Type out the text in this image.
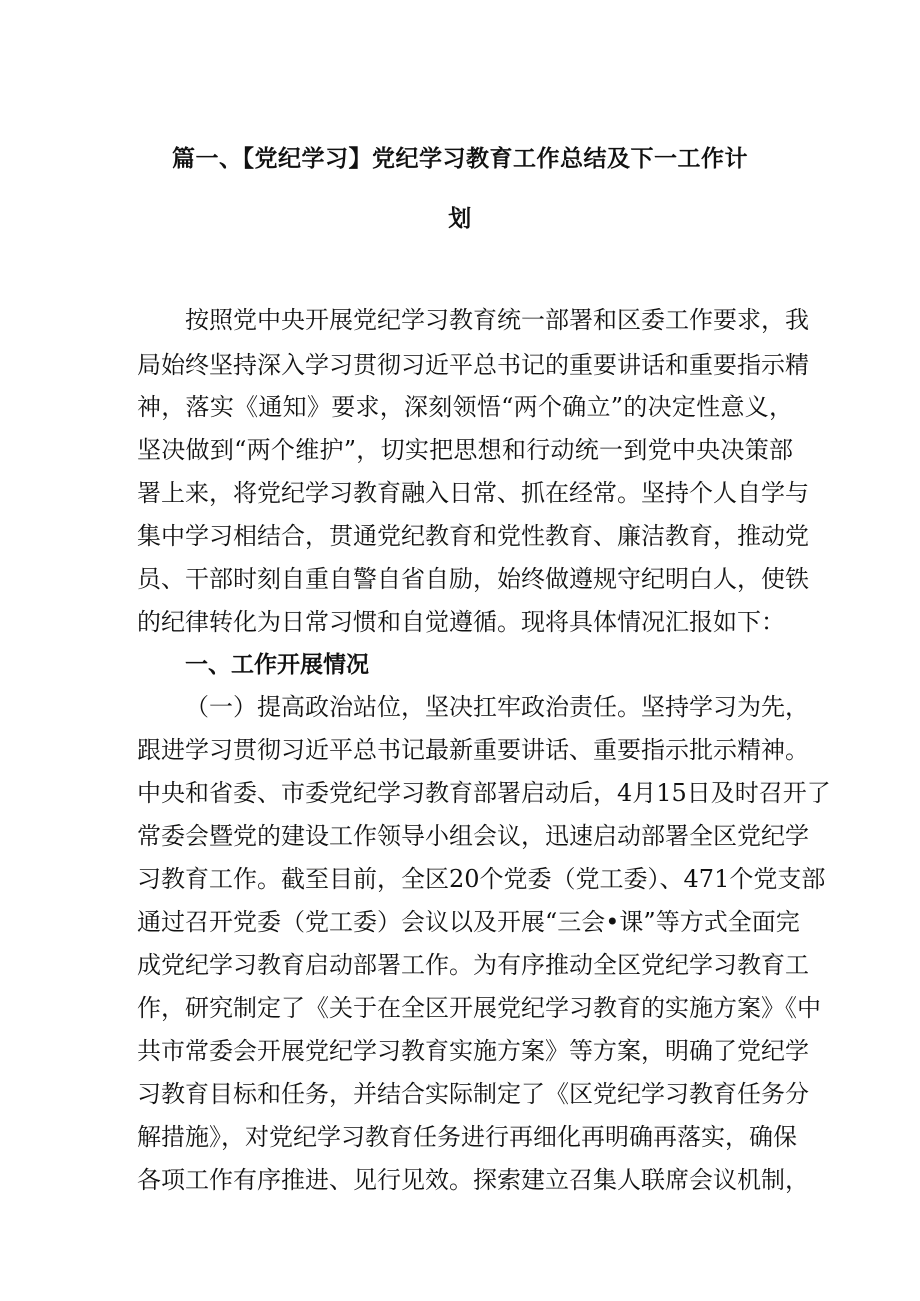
篇一、【党纪学习】党纪学习教育工作总结及下一工作计
划
按照党中央开展党纪学习教育统一部署和区委工作要求，我
局始终坚持深入学习贯彻习近平总书记的重要讲话和重要指示精
神，落实《通知》要求，深刻领悟“两个确立”的决定性意义，
坚决做到“两个维护”，切实把思想和行动统一到党中央决策部
署上来，将党纪学习教育融入日常、抓在经常。坚持个人自学与
集中学习相结合，贯通党纪教育和党性教育、廉洁教育，推动党
员、干部时刻自重自警自省自励，始终做遵规守纪明白人，使铁
的纪律转化为日常习惯和自觉遵循。现将具体情况汇报如下：
一、工作开展情况
（一）提高政治站位，坚决扛牢政治责任。坚持学习为先，
跟进学习贯彻习近平总书记最新重要讲话、重要指示批示精神。
中央和省委、市委党纪学习教育部署启动后，4月15日及时召开了
常委会暨党的建设工作领导小组会议，迅速启动部署全区党纪学
习教育工作。截至目前，全区20个党委（党工委）、471个党支部
通过召开党委（党工委）会议以及开展“三会•课”等方式全面完
成党纪学习教育启动部署工作。为有序推动全区党纪学习教育工
作，研究制定了《关于在全区开展党纪学习教育的实施方案》《中
共市常委会开展党纪学习教育实施方案》等方案，明确了党纪学
习教育目标和任务，并结合实际制定了《区党纪学习教育任务分
解措施》，对党纪学习教育任务进行再细化再明确再落实，确保
各项工作有序推进、见行见效。探索建立召集人联席会议机制，
